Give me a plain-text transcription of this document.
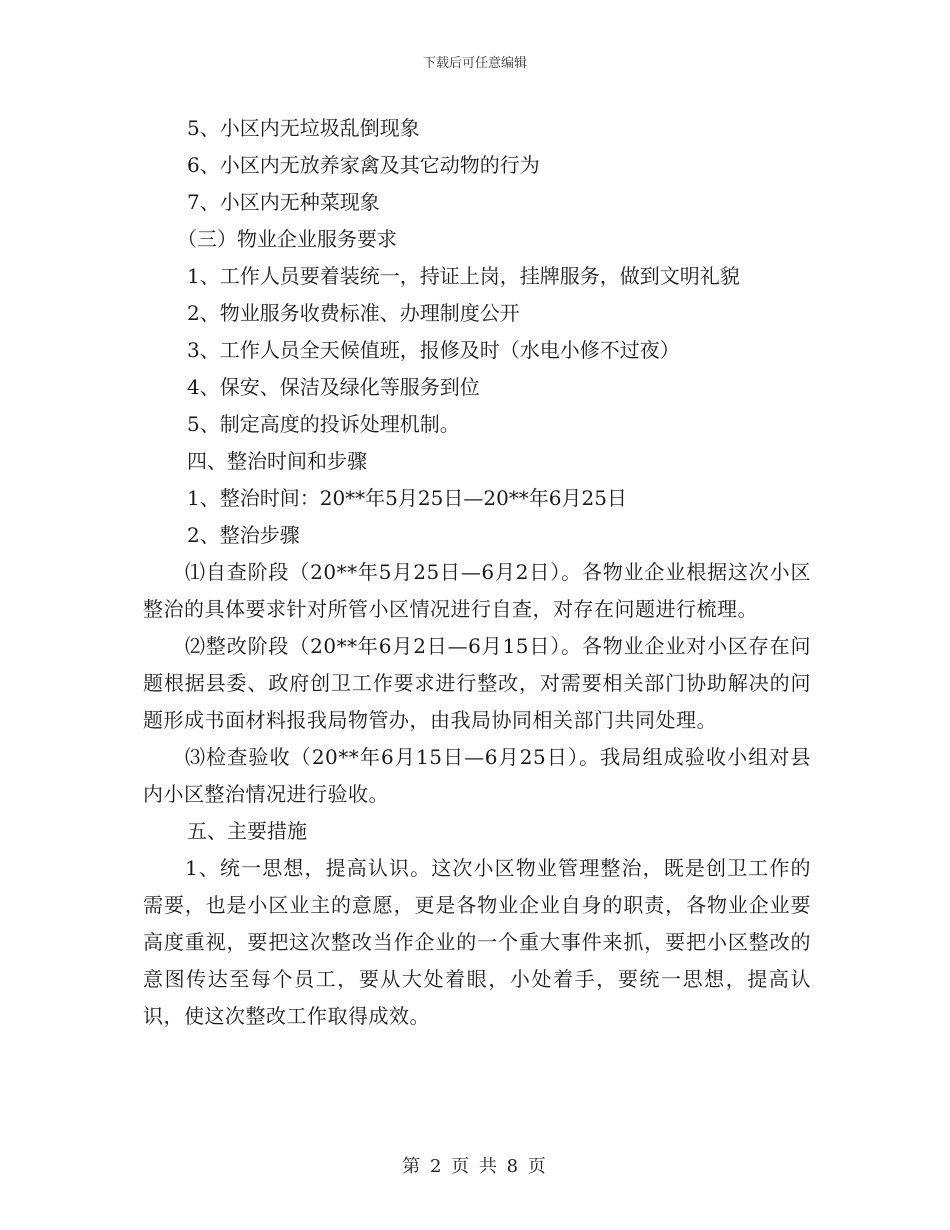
下载后可任意编辑
5、小区内无垃圾乱倒现象
6、小区内无放养家禽及其它动物的行为
7、小区内无种菜现象
（三）物业企业服务要求
1、工作人员要着装统一，持证上岗，挂牌服务，做到文明礼貌
2、物业服务收费标准、办理制度公开
3、工作人员全天候值班，报修及时（水电小修不过夜）
4、保安、保洁及绿化等服务到位
5、制定高度的投诉处理机制。
四、整治时间和步骤
1、整治时间：20**年5月25日—20**年6月25日
2、整治步骤
⑴自查阶段（20**年5月25日—6月2日）。各物业企业根据这次小区整治的具体要求针对所管小区情况进行自查，对存在问题进行梳理。
⑵整改阶段（20**年6月2日—6月15日）。各物业企业对小区存在问题根据县委、政府创卫工作要求进行整改，对需要相关部门协助解决的问题形成书面材料报我局物管办，由我局协同相关部门共同处理。
⑶检查验收（20**年6月15日—6月25日）。我局组成验收小组对县内小区整治情况进行验收。
五、主要措施
1、统一思想，提高认识。这次小区物业管理整治，既是创卫工作的需要，也是小区业主的意愿，更是各物业企业自身的职责，各物业企业要高度重视，要把这次整改当作企业的一个重大事件来抓，要把小区整改的意图传达至每个员工，要从大处着眼，小处着手，要统一思想，提高认识，使这次整改工作取得成效。
第 2 页 共 8 页
